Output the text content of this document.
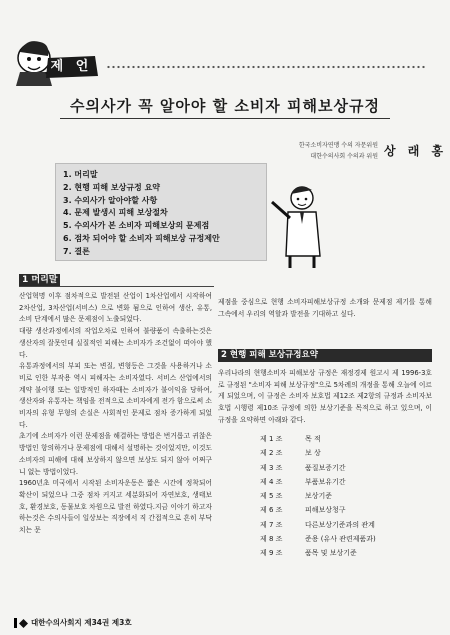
제 언
수의사가 꼭 알아야 할 소비자 피해보상규정
한국소비자연맹 수의 자문위원
대한수의사회 수의과 위원 상 래 홍
1. 머리말
2. 현행 피해 보상규정 요약
3. 수의사가 알아야할 사항
4. 문제 발생시 피해 보상절차
5. 수의사가 본 소비자 피해보상의 문제점
6. 점차 되어야 할 소비자 피해보상 규정제안
7. 결론
1 머리말

산업혁명 이후 점차적으로 발전된 산업이 1차산업에서 시작하여 2차산업, 3차산업(서비스) 으로 변화 됨으로 인하여 생산, 유통, 소비 단계에서 많은 문제점이 노출되었다.

대량 생산과정에서의 작업오차로 인하여 불량품이 속출하는것은 생산자의 잘못인데 실질적인 피해는 소비자가 조건없이 떠아야 했다.

유통과정에서의 부피 또는 변질, 변형등은 그것을 사용하거나 소비로 인한 부작용 역시 피해자는 소비자였다. 서비스 산업에서의 계약 불이행 또는 일방적인 하자때는 소비자가 불이익을 당하여, 생산자와 유통자는 책임을 전적으로 소비자에게 전가 함으로써 소비자의 유형 무형의 손실은 사회적인 문제로 점차 증가하게 되었다.

초기에 소비자가 이런 문제점을 해결하는 방법은 번거롭고 귀찮은 방법인 항의하거나 문제점에 대해서 설명하는 것이었지만, 이것도 소비자의 피해에 대해 보상하지 않으면 보상도 되지 않아 어쩌구니 없는 방법이었다.

1960년초 미국에서 시작된 소비자운동은 짧은 시간에 정착되어 확산이 되었으나 그중 점차 커지고 세분화되어 자연보호, 생태보호, 환경보호, 동물보호 차원으로 발전 하였다.지금 이야기 하고자 하는것은 수의사들이 일상보는 직장에서 직 간접적으로 흔히 부닥치는 문

제점을 중심으로 현행 소비자피해보상규정 소개와 문제점 제기를 통해 그속에서 우리의 역할과 발전을 기대하고 싶다.
2 현행 피해 보상규정요약
우리나라의 현행소비자 피해보상 규정은 재정경제 원고시 제 1996-3호로 규정된 "소비자 피해 보상규정"으로 5차례의 개정을 통해 오늘에 이르게 되었으며, 이 규정은 소비자 보호법 제12조 제2항의 규정과 소비자보호법 시행령 제10조 규정에 의한 보상기준을 목적으로 하고 있으며, 이규정을 요약하면 아래와 같다.
제 1 조	목 적
제 2 조	보 상
제 3 조	품질보증기간
제 4 조	부품보유기간
제 5 조	보상기준
제 6 조	피해보상청구
제 7 조	다른보상기준과의 관계
제 8 조	준용 (유사 관련제품과)
제 9 조	품목 및 보상기준
대한수의사회지 제34권 제3호
